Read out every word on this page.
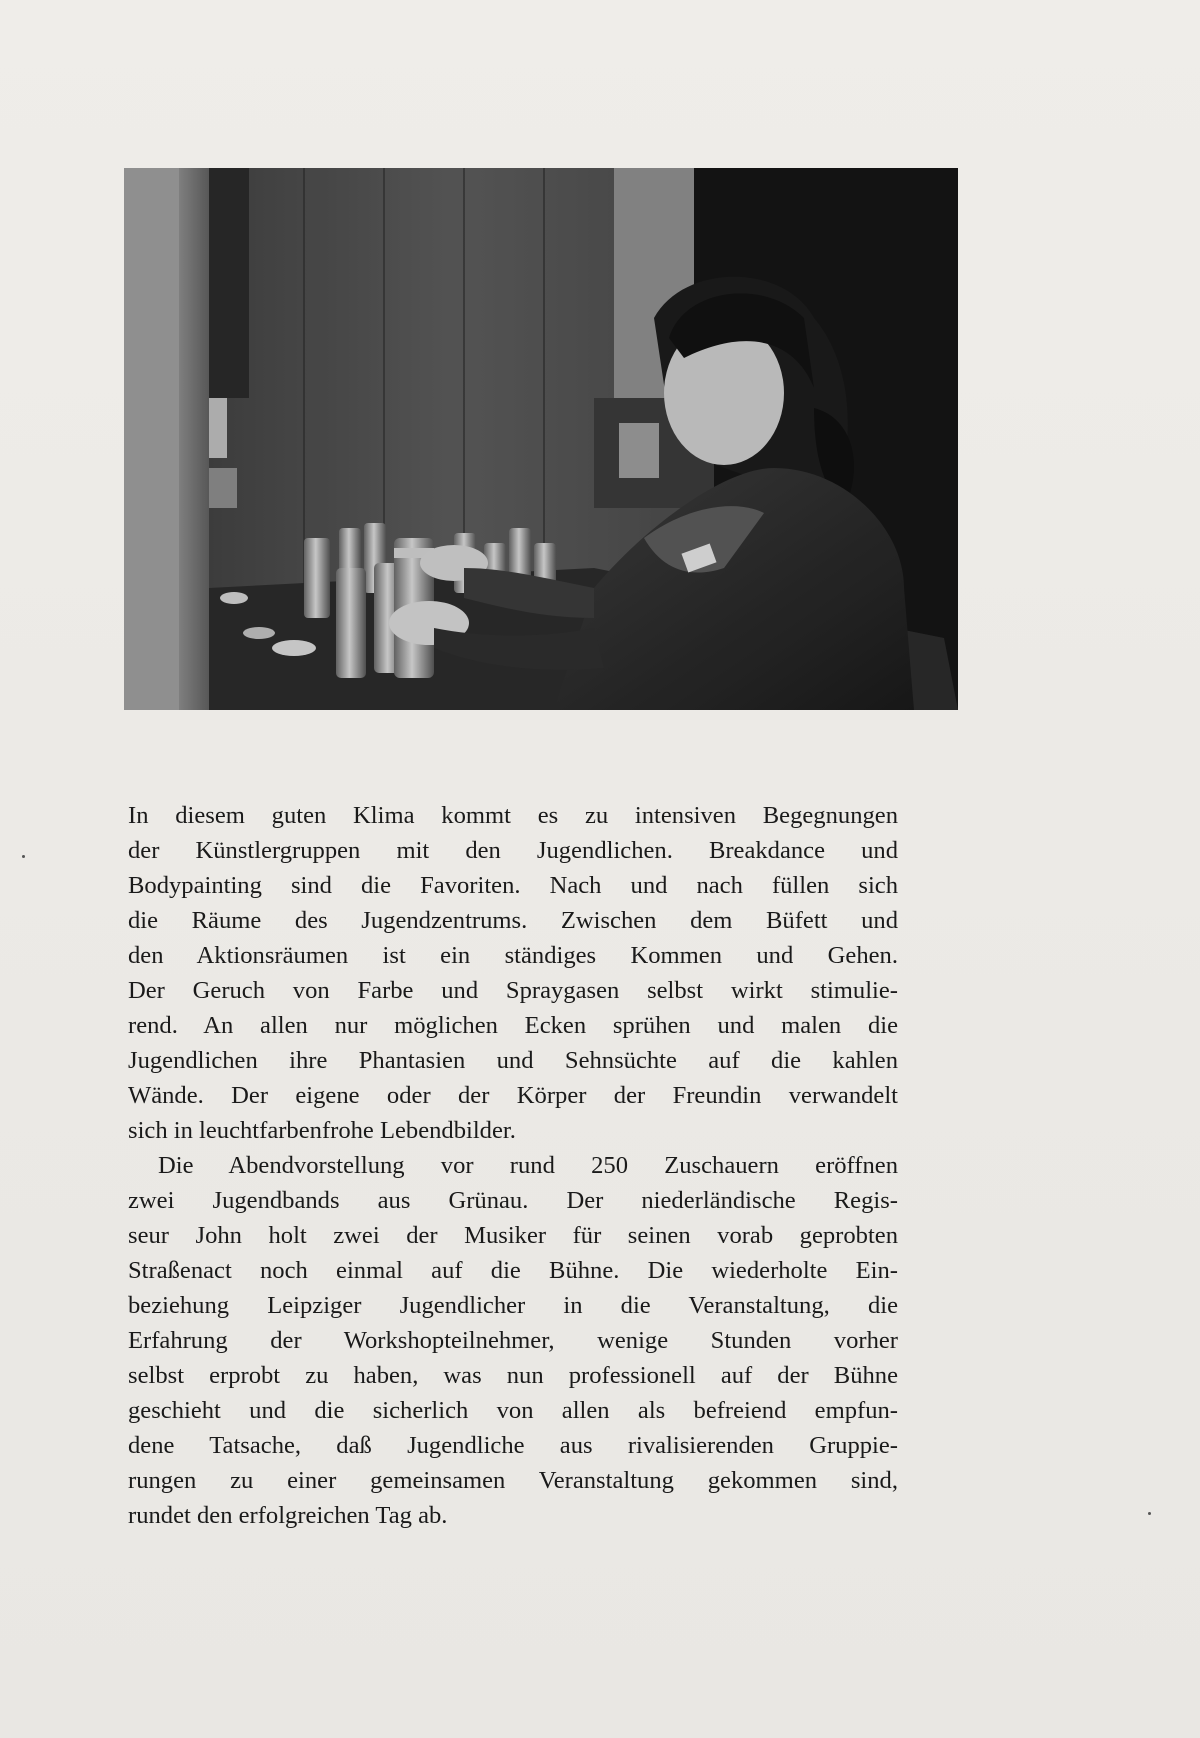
In diesem guten Klima kommt es zu intensiven Begegnungen
der Künstlergruppen mit den Jugendlichen. Breakdance und
Bodypainting sind die Favoriten. Nach und nach füllen sich
die Räume des Jugendzentrums. Zwischen dem Büfett und
den Aktionsräumen ist ein ständiges Kommen und Gehen.
Der Geruch von Farbe und Spraygasen selbst wirkt stimulie-
rend. An allen nur möglichen Ecken sprühen und malen die
Jugendlichen ihre Phantasien und Sehnsüchte auf die kahlen
Wände. Der eigene oder der Körper der Freundin verwandelt
sich in leuchtfarbenfrohe Lebendbilder.

Die Abendvorstellung vor rund 250 Zuschauern eröffnen
zwei Jugendbands aus Grünau. Der niederländische Regis-
seur John holt zwei der Musiker für seinen vorab geprobten
Straßenact noch einmal auf die Bühne. Die wiederholte Ein-
beziehung Leipziger Jugendlicher in die Veranstaltung, die
Erfahrung der Workshopteilnehmer, wenige Stunden vorher
selbst erprobt zu haben, was nun professionell auf der Bühne
geschieht und die sicherlich von allen als befreiend empfun-
dene Tatsache, daß Jugendliche aus rivalisierenden Gruppie-
rungen zu einer gemeinsamen Veranstaltung gekommen sind,
rundet den erfolgreichen Tag ab.
